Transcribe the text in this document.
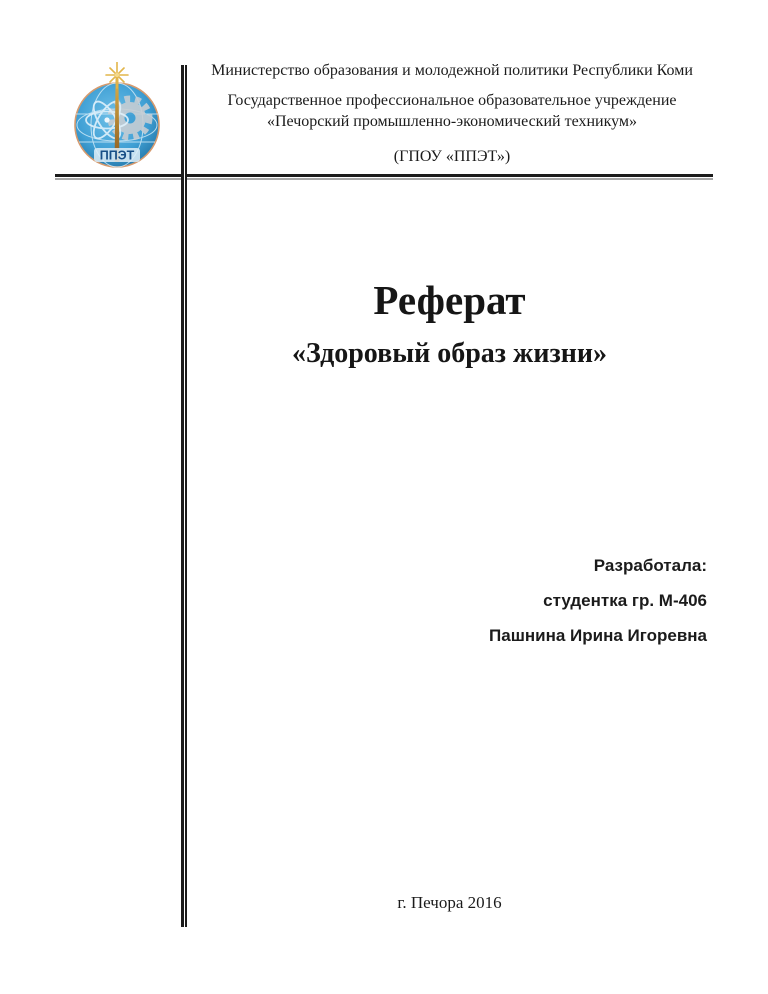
ППЭТ

Министерство образования и молодежной политики Республики Коми

Государственное профессиональное образовательное учреждение
«Печорский промышленно-экономический техникум»

(ГПОУ «ППЭТ»)

Реферат
«Здоровый образ жизни»

Разработала:

студентка гр. М-406

Пашнина Ирина Игоревна

г. Печора 2016
